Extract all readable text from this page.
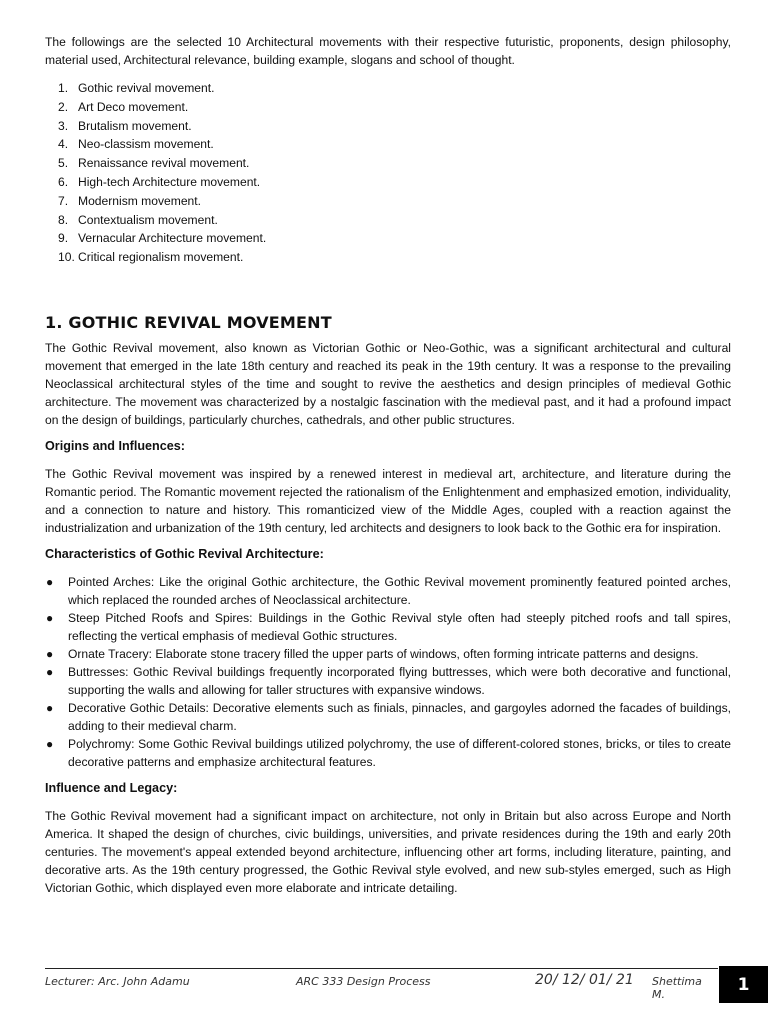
The followings are the selected 10 Architectural movements with their respective futuristic, proponents, design philosophy, material used, Architectural relevance, building example, slogans and school of thought.

1. Gothic revival movement.
2. Art Deco movement.
3. Brutalism movement.
4. Neo-classism movement.
5. Renaissance revival movement.
6. High-tech Architecture movement.
7. Modernism movement.
8. Contextualism movement.
9. Vernacular Architecture movement.
10. Critical regionalism movement.
1. GOTHIC REVIVAL MOVEMENT

The Gothic Revival movement, also known as Victorian Gothic or Neo-Gothic, was a significant architectural and cultural movement that emerged in the late 18th century and reached its peak in the 19th century. It was a response to the prevailing Neoclassical architectural styles of the time and sought to revive the aesthetics and design principles of medieval Gothic architecture. The movement was characterized by a nostalgic fascination with the medieval past, and it had a profound impact on the design of buildings, particularly churches, cathedrals, and other public structures.

Origins and Influences:

The Gothic Revival movement was inspired by a renewed interest in medieval art, architecture, and literature during the Romantic period. The Romantic movement rejected the rationalism of the Enlightenment and emphasized emotion, individuality, and a connection to nature and history. This romanticized view of the Middle Ages, coupled with a reaction against the industrialization and urbanization of the 19th century, led architects and designers to look back to the Gothic era for inspiration.

Characteristics of Gothic Revival Architecture:
● Pointed Arches: Like the original Gothic architecture, the Gothic Revival movement prominently featured pointed arches, which replaced the rounded arches of Neoclassical architecture.
● Steep Pitched Roofs and Spires: Buildings in the Gothic Revival style often had steeply pitched roofs and tall spires, reflecting the vertical emphasis of medieval Gothic structures.
● Ornate Tracery: Elaborate stone tracery filled the upper parts of windows, often forming intricate patterns and designs.
● Buttresses: Gothic Revival buildings frequently incorporated flying buttresses, which were both decorative and functional, supporting the walls and allowing for taller structures with expansive windows.
● Decorative Gothic Details: Decorative elements such as finials, pinnacles, and gargoyles adorned the facades of buildings, adding to their medieval charm.
● Polychromy: Some Gothic Revival buildings utilized polychromy, the use of different-colored stones, bricks, or tiles to create decorative patterns and emphasize architectural features.
Influence and Legacy:

The Gothic Revival movement had a significant impact on architecture, not only in Britain but also across Europe and North America. It shaped the design of churches, civic buildings, universities, and private residences during the 19th and early 20th centuries. The movement's appeal extended beyond architecture, influencing other art forms, including literature, painting, and decorative arts. As the 19th century progressed, the Gothic Revival style evolved, and new sub-styles emerged, such as High Victorian Gothic, which displayed even more elaborate and intricate detailing.

Lecturer: Arc. John Adamu	ARC 333 Design Process	20/ 12/ 01/ 21 Shettima M.	1
